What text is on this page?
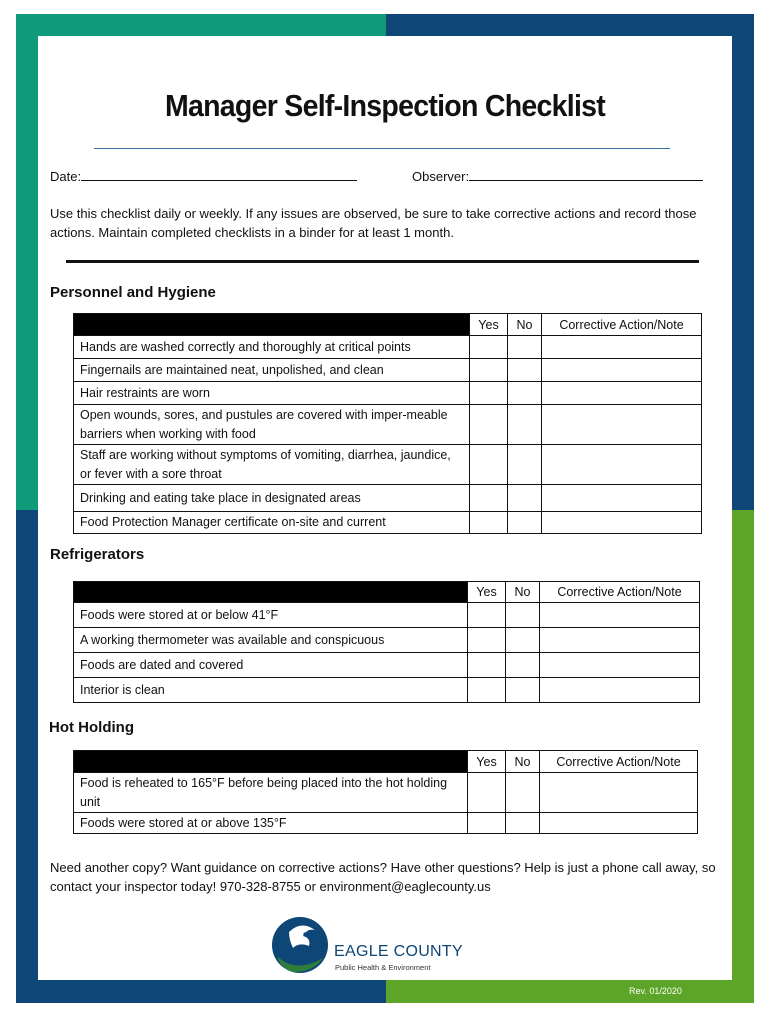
Manager Self-Inspection Checklist
Date:	Observer:
Use this checklist daily or weekly. If any issues are observed, be sure to take corrective actions and record those actions. Maintain completed checklists in a binder for at least 1 month.
Personnel and Hygiene
	Yes	No	Corrective Action/Note
Hands are washed correctly and thoroughly at critical points			
Fingernails are maintained neat, unpolished, and clean			
Hair restraints are worn			
Open wounds, sores, and pustules are covered with imper-meable barriers when working with food			
Staff are working without symptoms of vomiting, diarrhea, jaundice, or fever with a sore throat			
Drinking and eating take place in designated areas			
Food Protection Manager certificate on-site and current			
Refrigerators
	Yes	No	Corrective Action/Note
Foods were stored at or below 41°F			
A working thermometer was available and conspicuous			
Foods are dated and covered			
Interior is clean			
Hot Holding
	Yes	No	Corrective Action/Note
Food is reheated to 165°F before being placed into the hot holding unit			
Foods were stored at or above 135°F			
Need another copy? Want guidance on corrective actions? Have other questions? Help is just a phone call away, so contact your inspector today! 970-328-8755 or environment@eaglecounty.us
EAGLE COUNTY
Public Health & Environment
Rev. 01/2020
